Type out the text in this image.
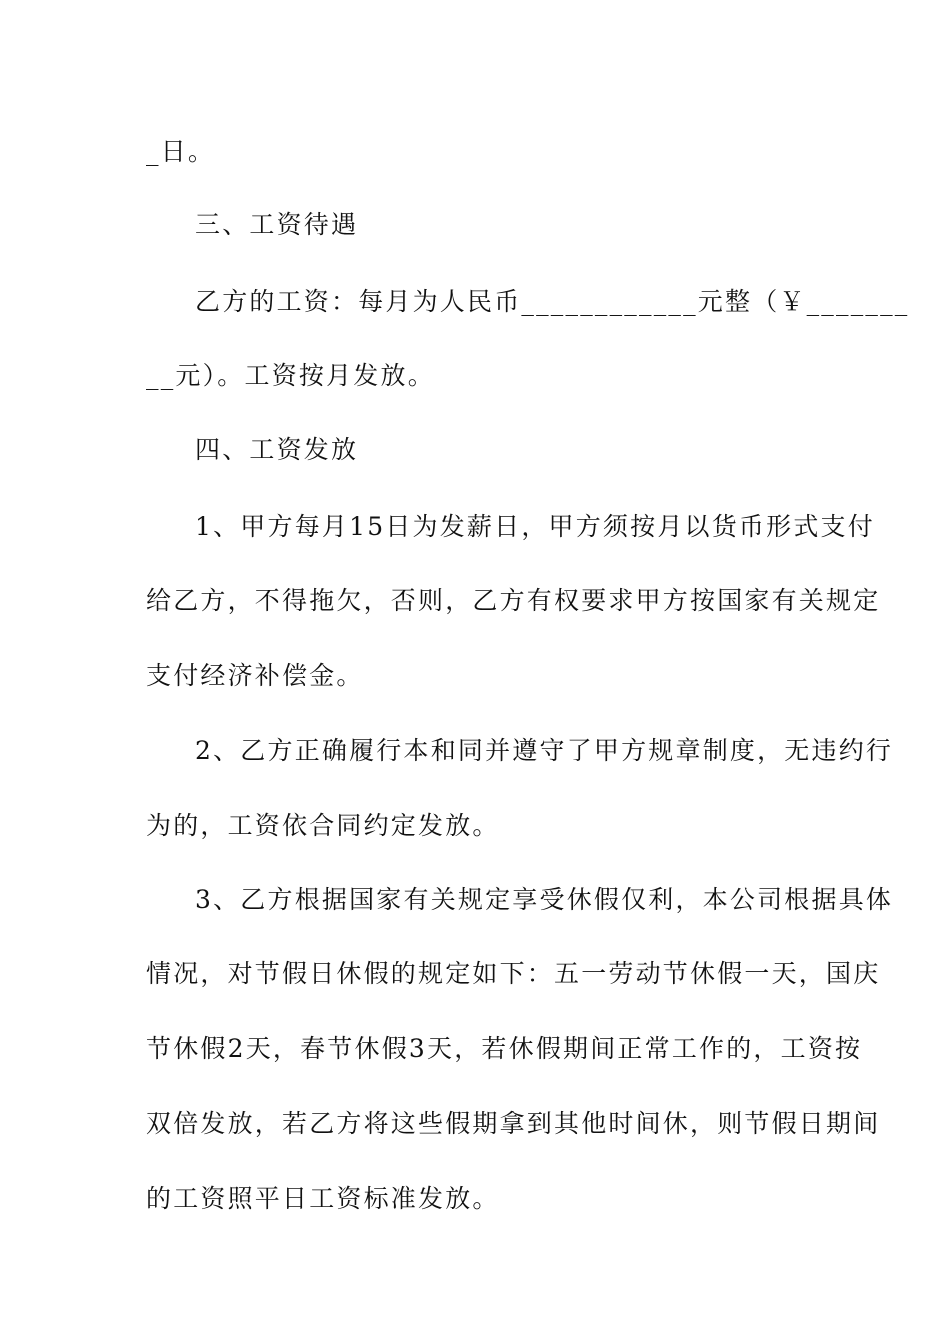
_日。
三、工资待遇
乙方的工资：每月为人民币____________元整（￥_______
__元）。工资按月发放。
四、工资发放
1、甲方每月15日为发薪日，甲方须按月以货币形式支付
给乙方，不得拖欠，否则，乙方有权要求甲方按国家有关规定
支付经济补偿金。
2、乙方正确履行本和同并遵守了甲方规章制度，无违约行
为的，工资依合同约定发放。
3、乙方根据国家有关规定享受休假仅利，本公司根据具体
情况，对节假日休假的规定如下：五一劳动节休假一天，国庆
节休假2天，春节休假3天，若休假期间正常工作的，工资按
双倍发放，若乙方将这些假期拿到其他时间休，则节假日期间
的工资照平日工资标准发放。
